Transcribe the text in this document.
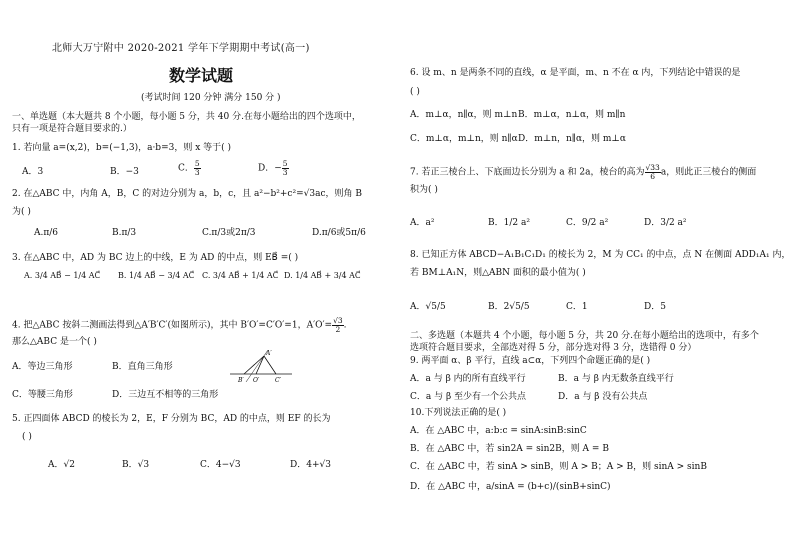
北师大万宁附中 2020-2021 学年下学期期中考试(高一)
数学试题
(考试时间 120 分钟 满分 150 分 )
一、单选题（本大题共 8 个小题，每小题 5 分，共 40 分.在每小题给出的四个选项中，
只有一项是符合题目要求的.）
1. 若向量 a=(x,2)，b=(−1,3)，a·b=3，则 x 等于( )
A．3	B．−3	C． $\frac{5}{3}$	D．− $\frac{5}{3}$
2. 在△ABC 中，内角 A，B，C 的对边分别为 a，b，c，且 a²−b²+c²=√3ac，则角 B
为( )
A.π/6	B.π/3	C.π/3或2π/3	D.π/6或5π/6
3. 在△ABC 中，AD 为 BC 边上的中线，E 为 AD 的中点，则 EB⃗ =( )
A. 3/4 AB⃗ − 1/4 AC⃗ B. 1/4 AB⃗ − 3/4 AC⃗ C. 3/4 AB⃗ + 1/4 AC⃗ D. 1/4 AB⃗ + 3/4 AC⃗
4. 把△ABC 按斜二测画法得到△A′B′C′(如图所示)，其中 B′O′=C′O′=1，$A'O'= \frac{√3}{2}$ .
那么△ABC 是一个( )
A．等边三角形	B．直角三角形
C．等腰三角形	D．三边互不相等的三角形
A′
B′ O′	C′
5. 正四面体 ABCD 的棱长为 2，E，F 分别为 BC，AD 的中点，则 EF 的长为
( )
A．√2	B．√3	C．4−√3	D．4+√3
6. 设 m、n 是两条不同的直线，α 是平面，m、n 不在 α 内，下列结论中错误的是
( )
A．m⊥α，n∥α，则 m⊥n B．m⊥α，n⊥α，则 m∥n
C．m⊥α，m⊥n，则 n∥α D．m⊥n，n∥α，则 m⊥α
7. 若正三棱台上、下底面边长分别为 a 和 2a，棱台的高为 $\frac{√33}{6}$ a，则此正三棱台的侧面
积为( )
A．a²	B．1/2 a²	C．9/2 a²	D．3/2 a²
8. 已知正方体 ABCD−A₁B₁C₁D₁ 的棱长为 2，M 为 CC₁ 的中点，点 N 在侧面 ADD₁A₁ 内，
若 BM⊥A₁N，则△ABN 面积的最小值为( )
A．√5/5	B．2√5/5	C．1	D．5
二、多选题（本题共 4 个小题，每小题 5 分，共 20 分.在每小题给出的选项中，有多个
选项符合题目要求，全部选对得 5 分，部分选对得 3 分，选错得 0 分）
9. 两平面 α、β 平行，直线 a⊂α，下列四个命题正确的是( )
A．a 与 β 内的所有直线平行	B．a 与 β 内无数条直线平行
C．a 与 β 至少有一个公共点	D．a 与 β 没有公共点
10.下列说法正确的是( )
A．在 △ABC 中，a:b:c = sinA:sinB:sinC
B．在 △ABC 中，若 sin2A = sin2B，则 A = B
C．在 △ABC 中，若 sinA > sinB，则 A > B；A > B，则 sinA > sinB
D．在 △ABC 中，a/sinA = (b+c)/(sinB+sinC)
